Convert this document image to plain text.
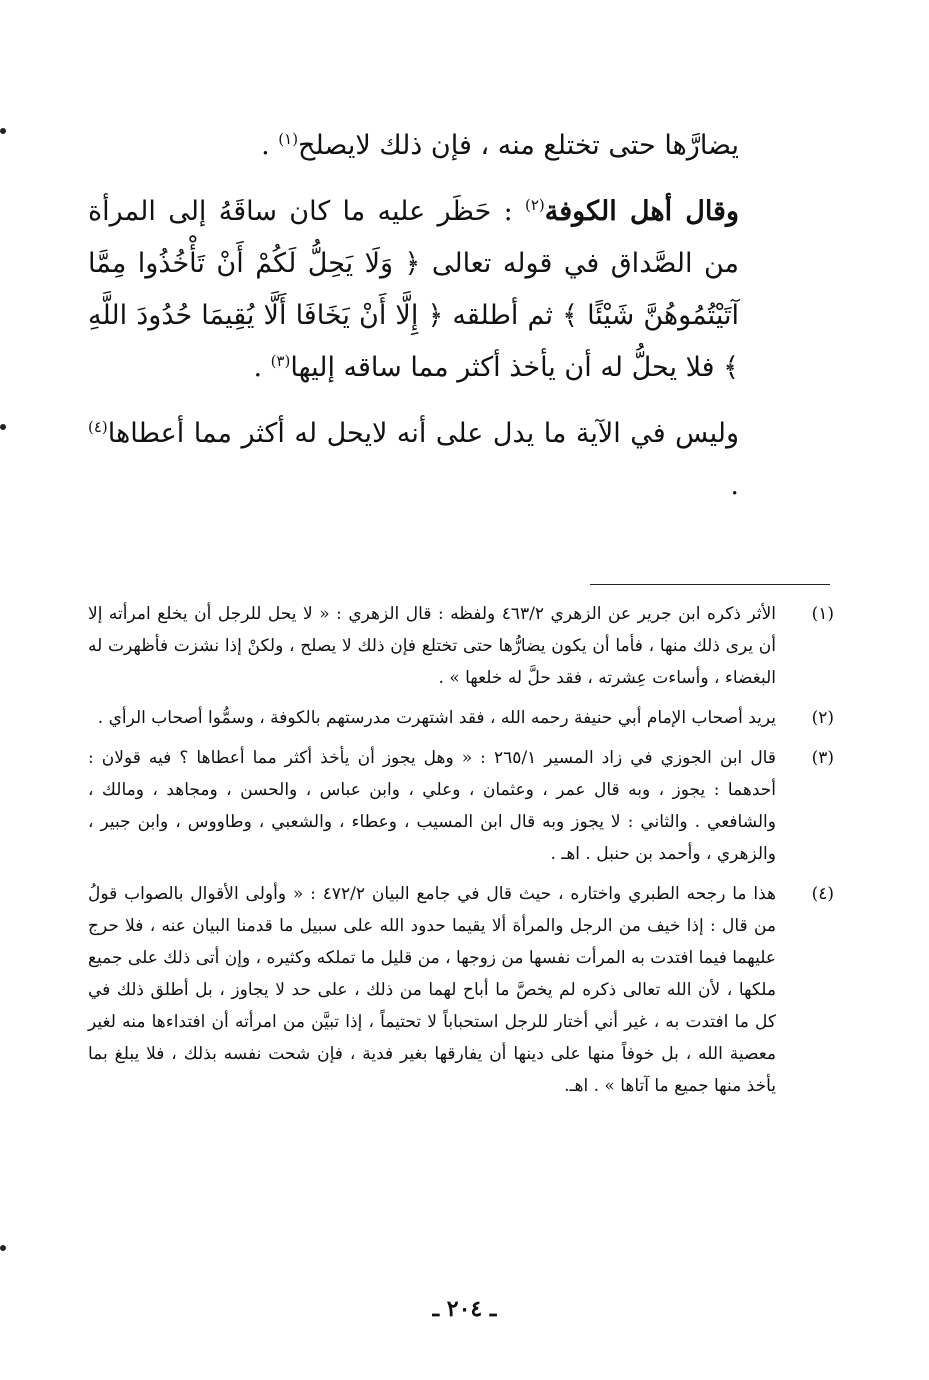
يضارَّها حتى تختلع منه ، فإن ذلك لايصلح$^{(١)}$ .

وقال أهل الكوفة$^{(٢)}$ : حَظَر عليه ما كان ساقَهُ إلى المرأة من الصَّداق في قوله تعالى ﴿ وَلَا يَحِلُّ لَكُمْ أَنْ تَأْخُذُوا مِمَّا آتَيْتُمُوهُنَّ شَيْئًا ﴾ ثم أطلقه ﴿ إِلَّا أَنْ يَخَافَا أَلَّا يُقِيمَا حُدُودَ اللَّهِ ﴾ فلا يحلُّ له أن يأخذ أكثر مما ساقه إليها$^{(٣)}$ .

وليس في الآية ما يدل على أنه لايحل له أكثر مما أعطاها$^{(٤)}$ .

(١)
الأثر ذكره ابن جرير عن الزهري ٤٦٣/٢ ولفظه : قال الزهري : « لا يحل للرجل أن يخلع امرأته إلا أن يرى ذلك منها ، فأما أن يكون يضارُّها حتى تختلع فإن ذلك لا يصلح ، ولكنْ إذا نشزت فأظهرت له البغضاء ، وأساءت عِشرته ، فقد حلَّ له خلعها » .
(٢)
يريد أصحاب الإمام أبي حنيفة رحمه الله ، فقد اشتهرت مدرستهم بالكوفة ، وسمُّوا أصحاب الرأي .
(٣)
قال ابن الجوزي في زاد المسير ٢٦٥/١ : « وهل يجوز أن يأخذ أكثر مما أعطاها ؟ فيه قولان : أحدهما : يجوز ، وبه قال عمر ، وعثمان ، وعلي ، وابن عباس ، والحسن ، ومجاهد ، ومالك ، والشافعي . والثاني : لا يجوز وبه قال ابن المسيب ، وعطاء ، والشعبي ، وطاووس ، وابن جبير ، والزهري ، وأحمد بن حنبل . اهـ .
(٤)
هذا ما رجحه الطبري واختاره ، حيث قال في جامع البيان ٤٧٢/٢ : « وأولى الأقوال بالصواب قولُ من قال : إذا خيف من الرجل والمرأة ألا يقيما حدود الله على سبيل ما قدمنا البيان عنه ، فلا حرج عليهما فيما افتدت به المرأت نفسها من زوجها ، من قليل ما تملكه وكثيره ، وإن أتى ذلك على جميع ملكها ، لأن الله تعالى ذكره لم يخصَّ ما أباح لهما من ذلك ، على حد لا يجاوز ، بل أطلق ذلك في كل ما افتدت به ، غير أني أختار للرجل استحباباً لا تحتيماً ، إذا تبيَّن من امرأته أن افتداءها منه لغير معصية الله ، بل خوفاً منها على دينها أن يفارقها بغير فدية ، فإن شحت نفسه بذلك ، فلا يبلغ بما يأخذ منها جميع ما آتاها » . اهـ.
ـ ٢٠٤ ـ
